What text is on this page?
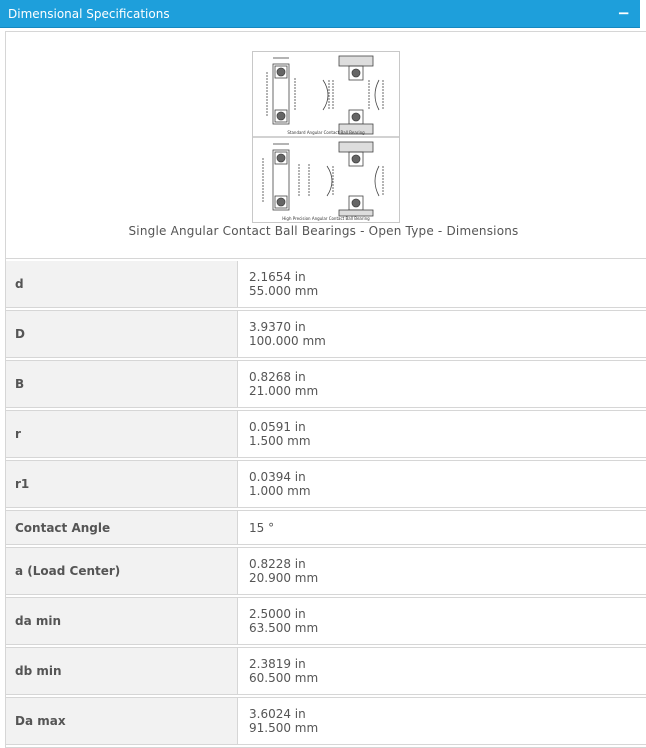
Dimensional Specifications	−
Standard Angular Contact Ball Bearing
High Precision Angular Contact Ball Bearing
Single Angular Contact Ball Bearings - Open Type - Dimensions
d	2.1654 in
55.000 mm

D	3.9370 in
100.000 mm

B	0.8268 in
21.000 mm

r	0.0591 in
1.500 mm

r1	0.0394 in
1.000 mm

Contact Angle	15 °

a (Load Center)	0.8228 in
20.900 mm

da min	2.5000 in
63.500 mm

db min	2.3819 in
60.500 mm

Da max	3.6024 in
91.500 mm
